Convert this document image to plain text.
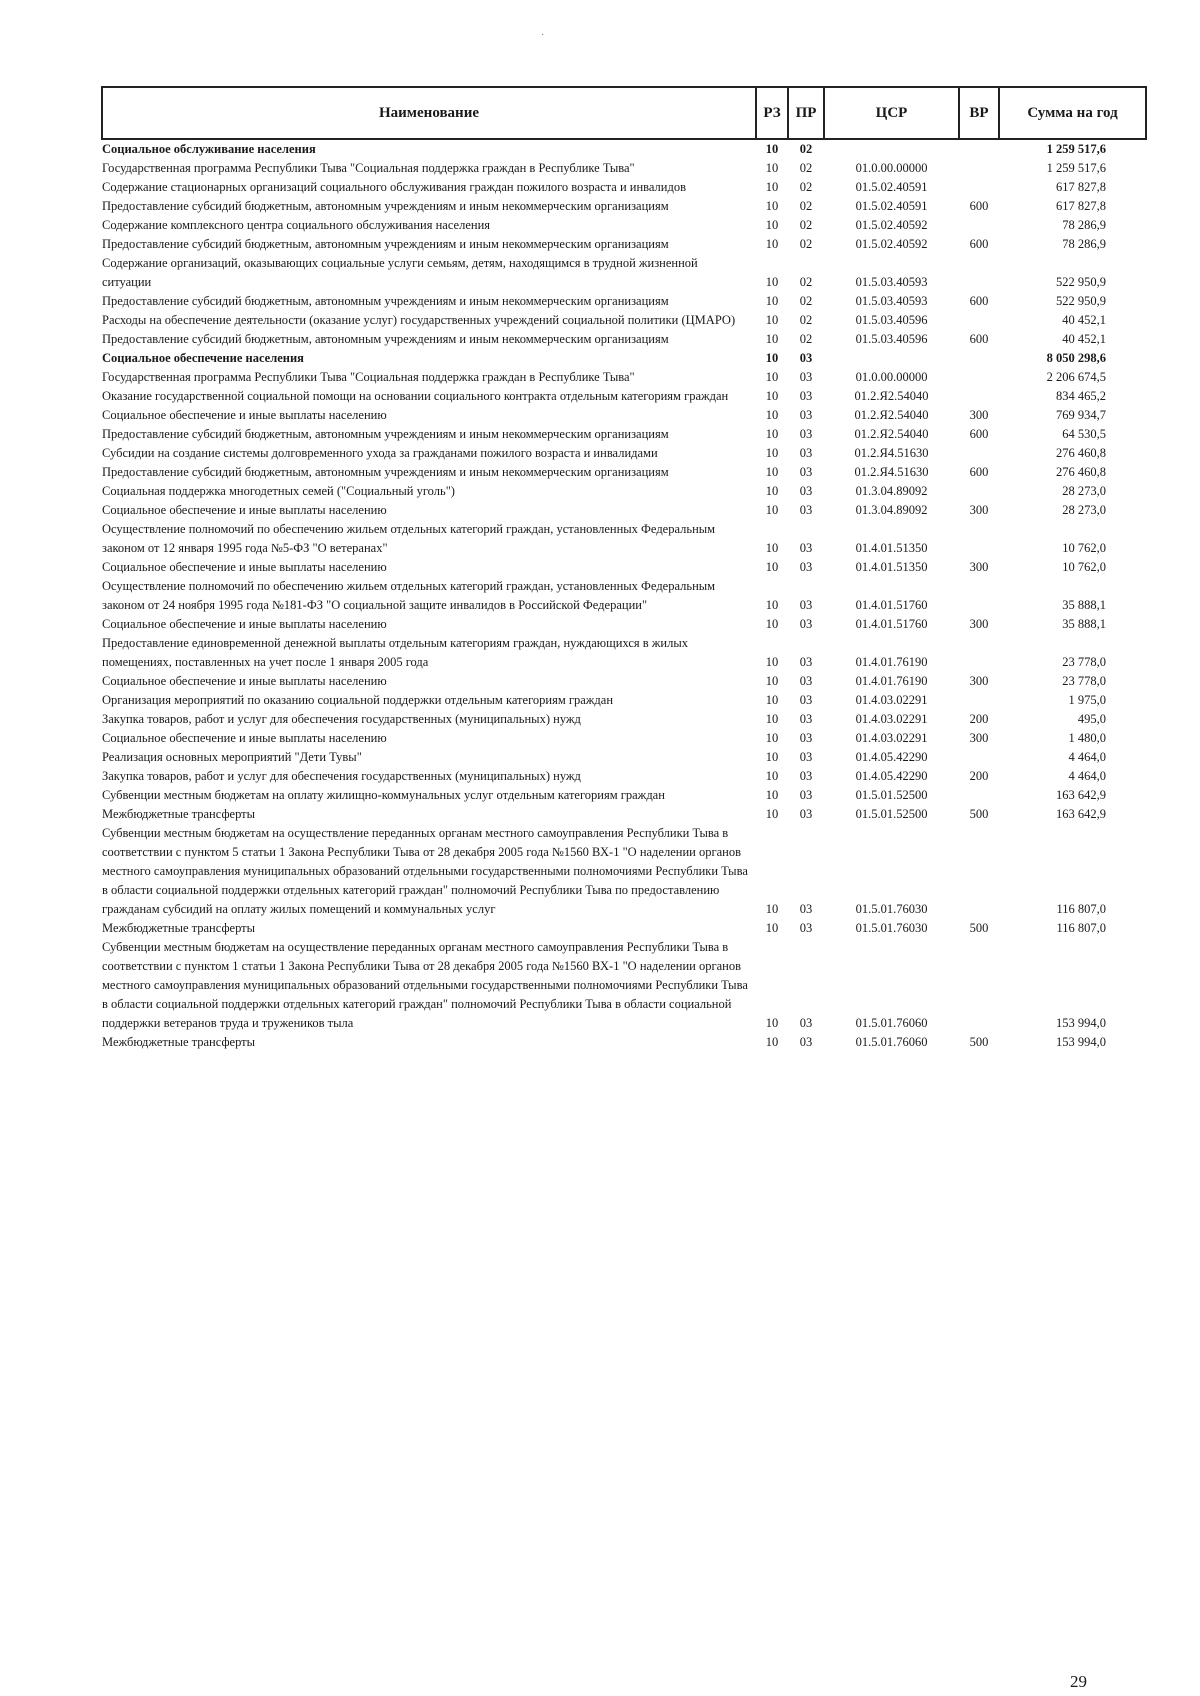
·
Наименование	РЗ	ПР	ЦСР	ВР	Сумма на год
Социальное обслуживание населения	10	02			1 259 517,6
Государственная программа Республики Тыва "Социальная поддержка граждан в Республике Тыва"	10	02	01.0.00.00000		1 259 517,6
Содержание стационарных организаций социального обслуживания граждан пожилого возраста и инвалидов	10	02	01.5.02.40591		617 827,8
Предоставление субсидий бюджетным, автономным учреждениям и иным некоммерческим организациям	10	02	01.5.02.40591	600	617 827,8
Содержание комплексного центра социального обслуживания населения	10	02	01.5.02.40592		78 286,9
Предоставление субсидий бюджетным, автономным учреждениям и иным некоммерческим организациям	10	02	01.5.02.40592	600	78 286,9
Содержание организаций, оказывающих социальные услуги семьям, детям, находящимся в трудной жизненной ситуации	10	02	01.5.03.40593		522 950,9
Предоставление субсидий бюджетным, автономным учреждениям и иным некоммерческим организациям	10	02	01.5.03.40593	600	522 950,9
Расходы на обеспечение деятельности (оказание услуг) государственных учреждений социальной политики (ЦМАРО)	10	02	01.5.03.40596		40 452,1
Предоставление субсидий бюджетным, автономным учреждениям и иным некоммерческим организациям	10	02	01.5.03.40596	600	40 452,1
Социальное обеспечение населения	10	03			8 050 298,6
Государственная программа Республики Тыва "Социальная поддержка граждан в Республике Тыва"	10	03	01.0.00.00000		2 206 674,5
Оказание государственной социальной помощи на основании социального контракта отдельным категориям граждан	10	03	01.2.Я2.54040		834 465,2
Социальное обеспечение и иные выплаты населению	10	03	01.2.Я2.54040	300	769 934,7
Предоставление субсидий бюджетным, автономным учреждениям и иным некоммерческим организациям	10	03	01.2.Я2.54040	600	64 530,5
Субсидии на создание системы долговременного ухода за гражданами пожилого возраста и инвалидами	10	03	01.2.Я4.51630		276 460,8
Предоставление субсидий бюджетным, автономным учреждениям и иным некоммерческим организациям	10	03	01.2.Я4.51630	600	276 460,8
Социальная поддержка многодетных семей ("Социальный уголь")	10	03	01.3.04.89092		28 273,0
Социальное обеспечение и иные выплаты населению	10	03	01.3.04.89092	300	28 273,0
Осуществление полномочий по обеспечению жильем отдельных категорий граждан, установленных Федеральным законом от 12 января 1995 года №5-ФЗ "О ветеранах"	10	03	01.4.01.51350		10 762,0
Социальное обеспечение и иные выплаты населению	10	03	01.4.01.51350	300	10 762,0
Осуществление полномочий по обеспечению жильем отдельных категорий граждан, установленных Федеральным законом от 24 ноября 1995 года №181-ФЗ "О социальной защите инвалидов в Российской Федерации"	10	03	01.4.01.51760		35 888,1
Социальное обеспечение и иные выплаты населению	10	03	01.4.01.51760	300	35 888,1
Предоставление единовременной денежной выплаты отдельным категориям граждан, нуждающихся в жилых помещениях, поставленных на учет после 1 января 2005 года	10	03	01.4.01.76190		23 778,0
Социальное обеспечение и иные выплаты населению	10	03	01.4.01.76190	300	23 778,0
Организация мероприятий по оказанию социальной поддержки отдельным категориям граждан	10	03	01.4.03.02291		1 975,0
Закупка товаров, работ и услуг для обеспечения государственных (муниципальных) нужд	10	03	01.4.03.02291	200	495,0
Социальное обеспечение и иные выплаты населению	10	03	01.4.03.02291	300	1 480,0
Реализация основных мероприятий "Дети Тувы"	10	03	01.4.05.42290		4 464,0
Закупка товаров, работ и услуг для обеспечения государственных (муниципальных) нужд	10	03	01.4.05.42290	200	4 464,0
Субвенции местным бюджетам на оплату жилищно-коммунальных услуг отдельным категориям граждан	10	03	01.5.01.52500		163 642,9
Межбюджетные трансферты	10	03	01.5.01.52500	500	163 642,9
Субвенции местным бюджетам на осуществление переданных органам местного самоуправления Республики Тыва в соответствии с пунктом 5 статьи 1 Закона Республики Тыва от 28 декабря 2005 года №1560 ВХ-1 "О наделении органов местного самоуправления муниципальных образований отдельными государственными полномочиями Республики Тыва в области социальной поддержки отдельных категорий граждан" полномочий Республики Тыва по предоставлению гражданам субсидий на оплату жилых помещений и коммунальных услуг	10	03	01.5.01.76030		116 807,0
Межбюджетные трансферты	10	03	01.5.01.76030	500	116 807,0
Субвенции местным бюджетам на осуществление переданных органам местного самоуправления Республики Тыва в соответствии с пунктом 1 статьи 1 Закона Республики Тыва от 28 декабря 2005 года №1560 ВХ-1 "О наделении органов местного самоуправления муниципальных образований отдельными государственными полномочиями Республики Тыва в области социальной поддержки отдельных категорий граждан" полномочий Республики Тыва в области социальной поддержки ветеранов труда и тружеников тыла	10	03	01.5.01.76060		153 994,0
Межбюджетные трансферты	10	03	01.5.01.76060	500	153 994,0
29
